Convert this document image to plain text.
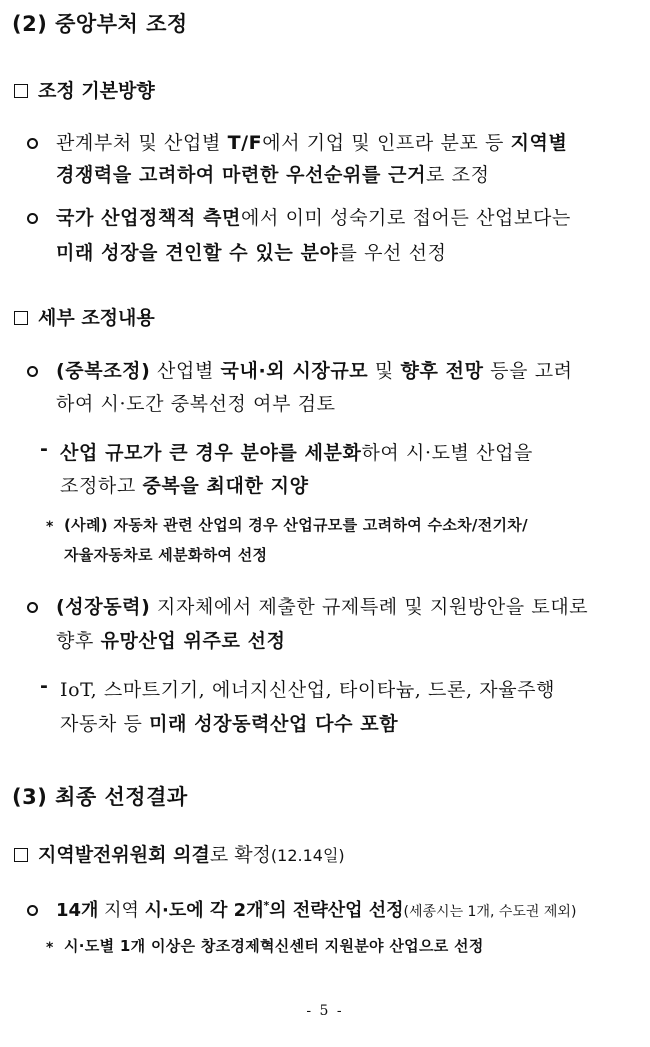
(2) 중앙부처 조정
조정 기본방향
관계부처 및 산업별 T/F에서 기업 및 인프라 분포 등 지역별
경쟁력을 고려하여 마련한 우선순위를 근거로 조정
국가 산업정책적 측면에서 이미 성숙기로 접어든 산업보다는
미래 성장을 견인할 수 있는 분야를 우선 선정
세부 조정내용
(중복조정) 산업별 국내·외 시장규모 및 향후 전망 등을 고려
하여 시·도간 중복선정 여부 검토
- 산업 규모가 큰 경우 분야를 세분화하여 시·도별 산업을
조정하고 중복을 최대한 지양
* (사례) 자동차 관련 산업의 경우 산업규모를 고려하여 수소차/전기차/
자율자동차로 세분화하여 선정
(성장동력) 지자체에서 제출한 규제특례 및 지원방안을 토대로
향후 유망산업 위주로 선정
- IoT, 스마트기기, 에너지신산업, 타이타늄, 드론, 자율주행
자동차 등 미래 성장동력산업 다수 포함
(3) 최종 선정결과
지역발전위원회 의결로 확정(12.14일)
14개 지역 시·도에 각 2개*의 전략산업 선정(세종시는 1개, 수도권 제외)
* 시·도별 1개 이상은 창조경제혁신센터 지원분야 산업으로 선정
- 5 -
